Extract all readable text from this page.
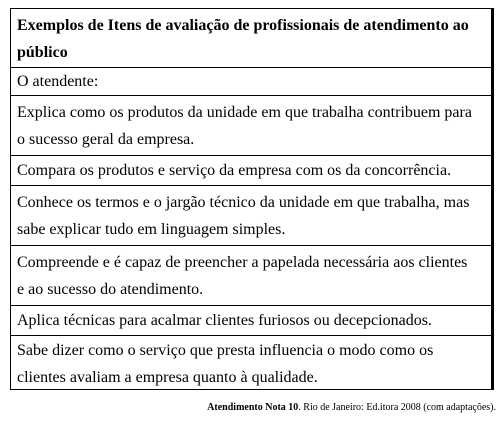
Exemplos de Itens de avaliação de profissionais de atendimento ao
público
O atendente:
Explica como os produtos da unidade em que trabalha contribuem para
o sucesso geral da empresa.
Compara os produtos e serviço da empresa com os da concorrência.
Conhece os termos e o jargão técnico da unidade em que trabalha, mas
sabe explicar tudo em linguagem simples.
Compreende e é capaz de preencher a papelada necessária aos clientes
e ao sucesso do atendimento.
Aplica técnicas para acalmar clientes furiosos ou decepcionados.
Sabe dizer como o serviço que presta influencia o modo como os
clientes avaliam a empresa quanto à qualidade.
Atendimento Nota 10. Rio de Janeiro: Ed.itora 2008 (com adaptações).
